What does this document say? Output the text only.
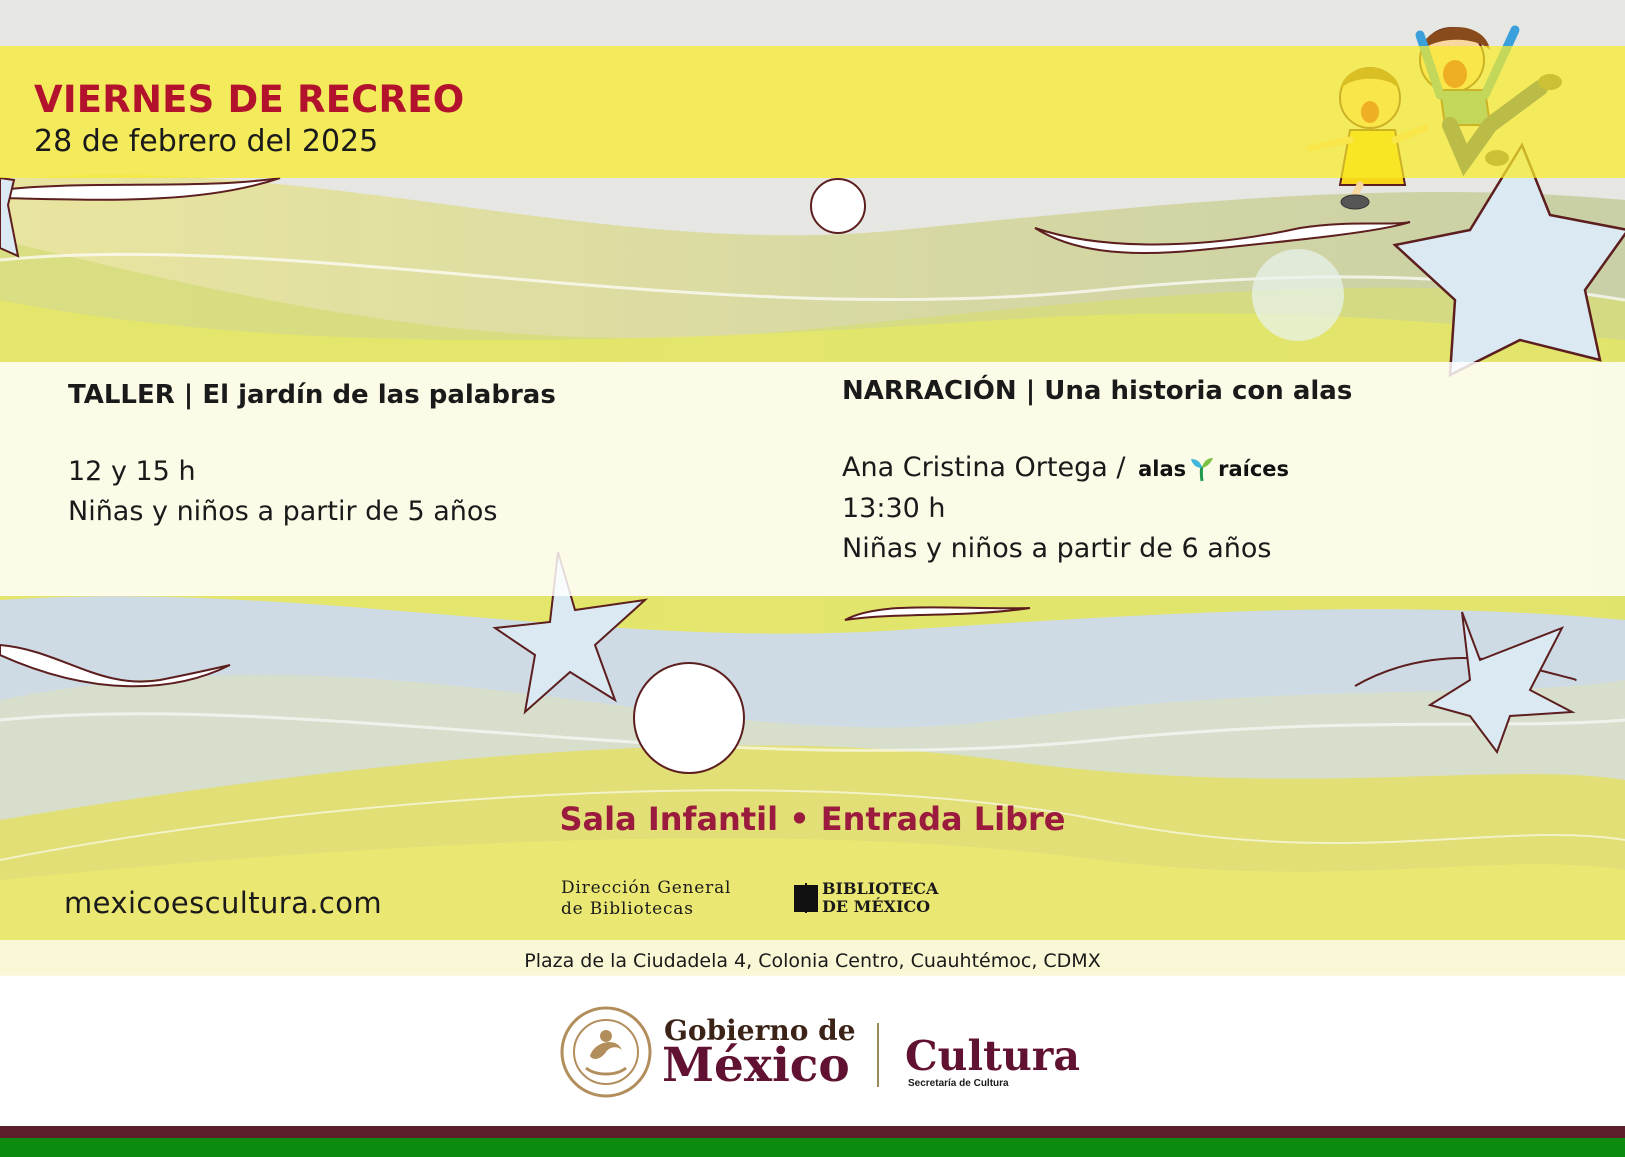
VIERNES DE RECREO
28 de febrero del 2025
TALLER | El jardín de las palabras
12 y 15 h
Niñas y niños a partir de 5 años
NARRACIÓN | Una historia con alas
Ana Cristina Ortega / alas raíces
13:30 h
Niñas y niños a partir de 6 años
Sala Infantil • Entrada Libre
mexicoescultura.com	Dirección General
de Bibliotecas
BIBLIOTECA
DE MÉXICO
Plaza de la Ciudadela 4, Colonia Centro, Cuauhtémoc, CDMX
Gobierno de
México Cultura
Secretaría de Cultura
